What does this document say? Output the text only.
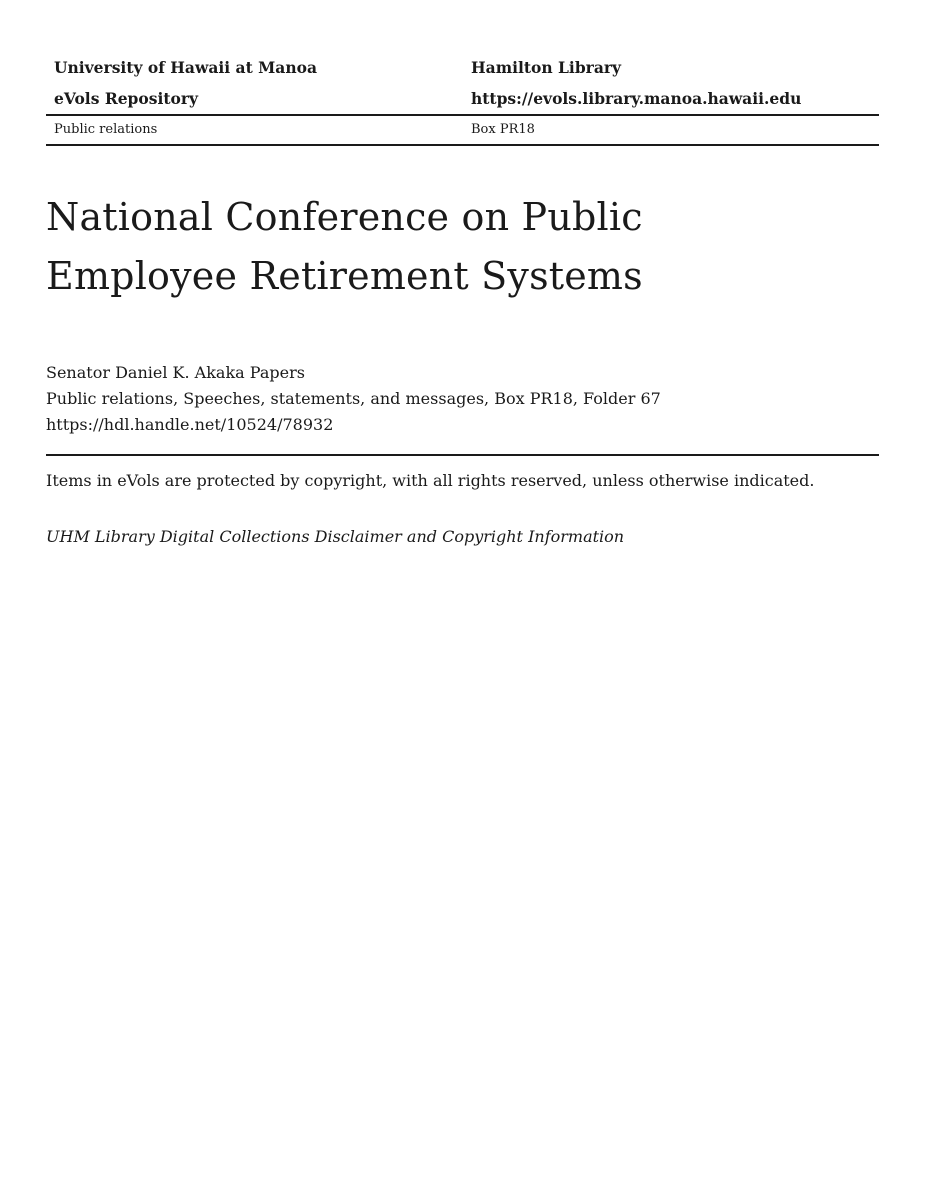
University of Hawaii at Manoa	Hamilton Library
eVols Repository	https://evols.library.manoa.hawaii.edu
Public relations	Box PR18
National Conference on Public
Employee Retirement Systems
Senator Daniel K. Akaka Papers
Public relations, Speeches, statements, and messages, Box PR18, Folder 67
https://hdl.handle.net/10524/78932
Items in eVols are protected by copyright, with all rights reserved, unless otherwise indicated.
UHM Library Digital Collections Disclaimer and Copyright Information
